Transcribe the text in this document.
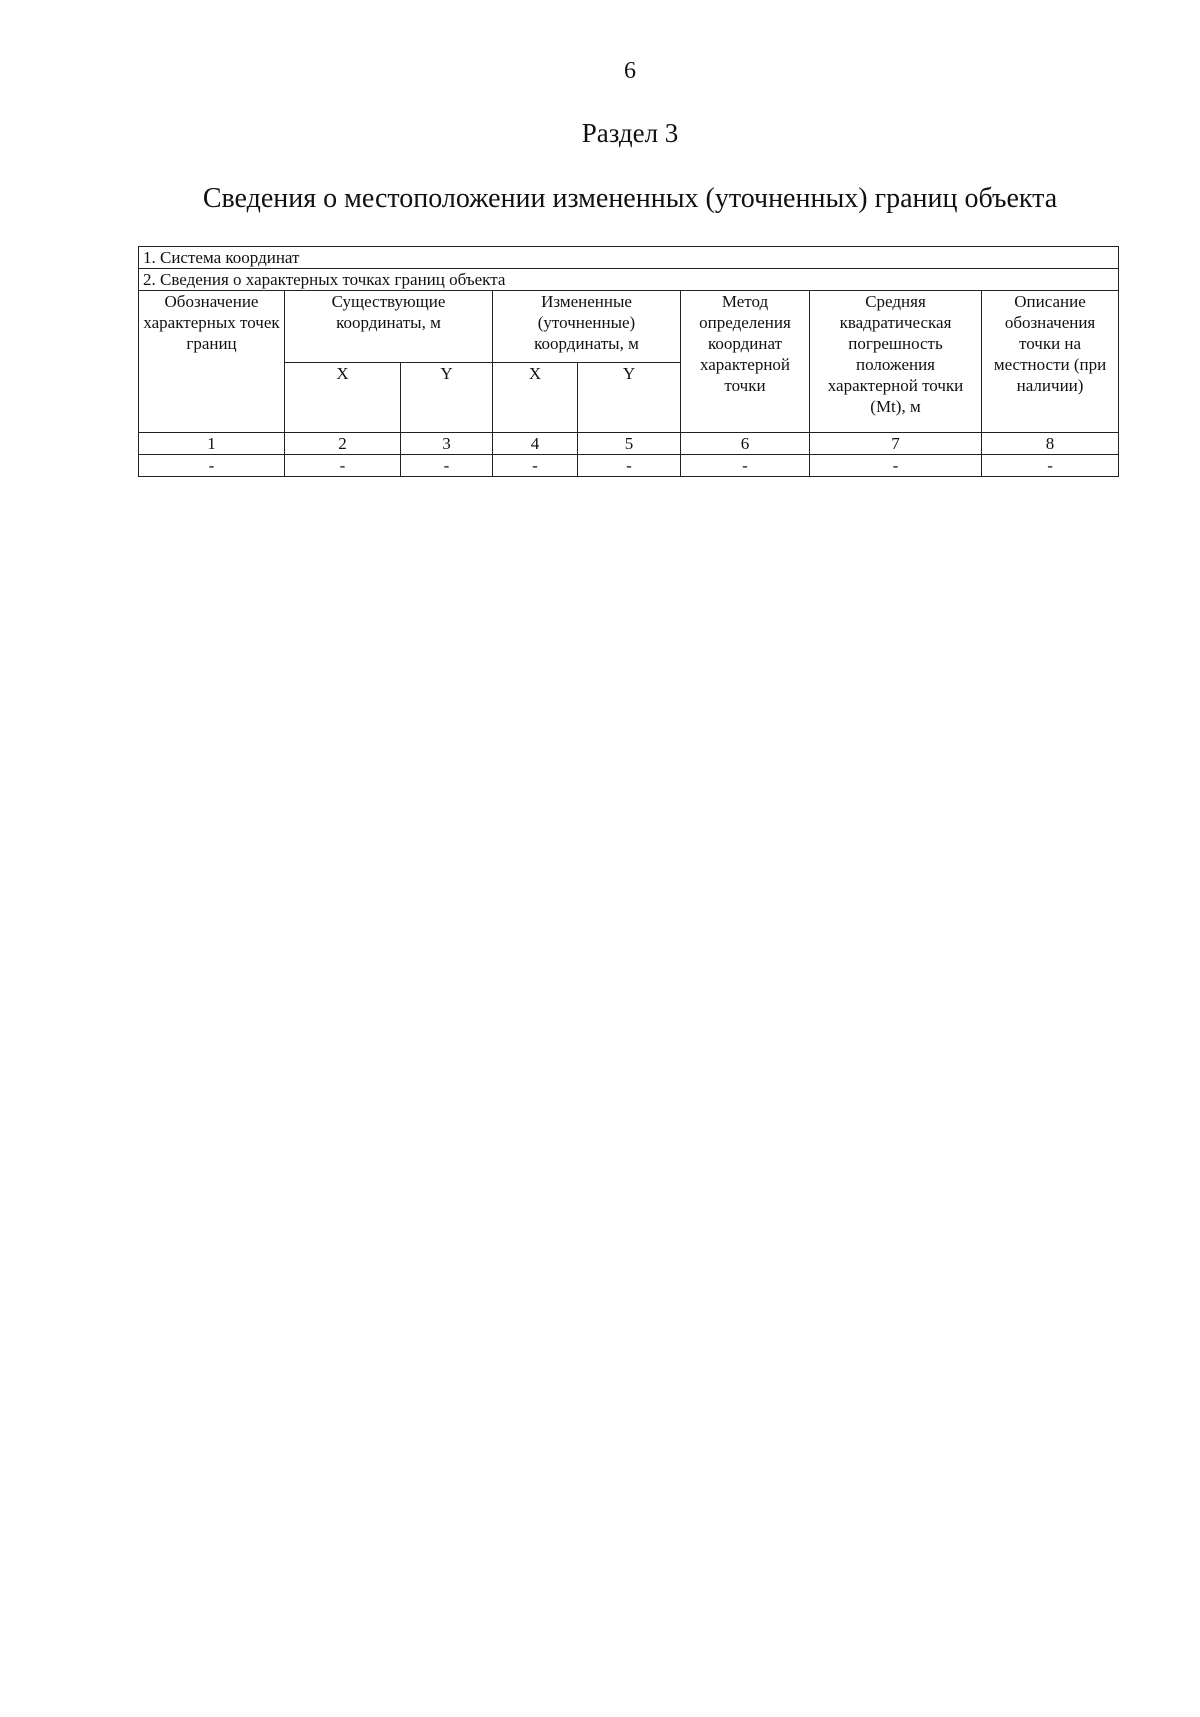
6
Раздел 3
Сведения о местоположении измененных (уточненных) границ объекта
1. Система координат							
2. Сведения о характерных точках границ объекта							
Обозначение характерных точек границ	Существующие координаты, м		Измененные (уточненные) координаты, м		Метод определения координат характерной точки	Средняя квадратическая погрешность положения характерной точки (Mt), м	Описание обозначения точки на местности (при наличии)
	X	Y	X	Y			
1	2	3	4	5	6	7	8
-	-	-	-	-	-	-	-
